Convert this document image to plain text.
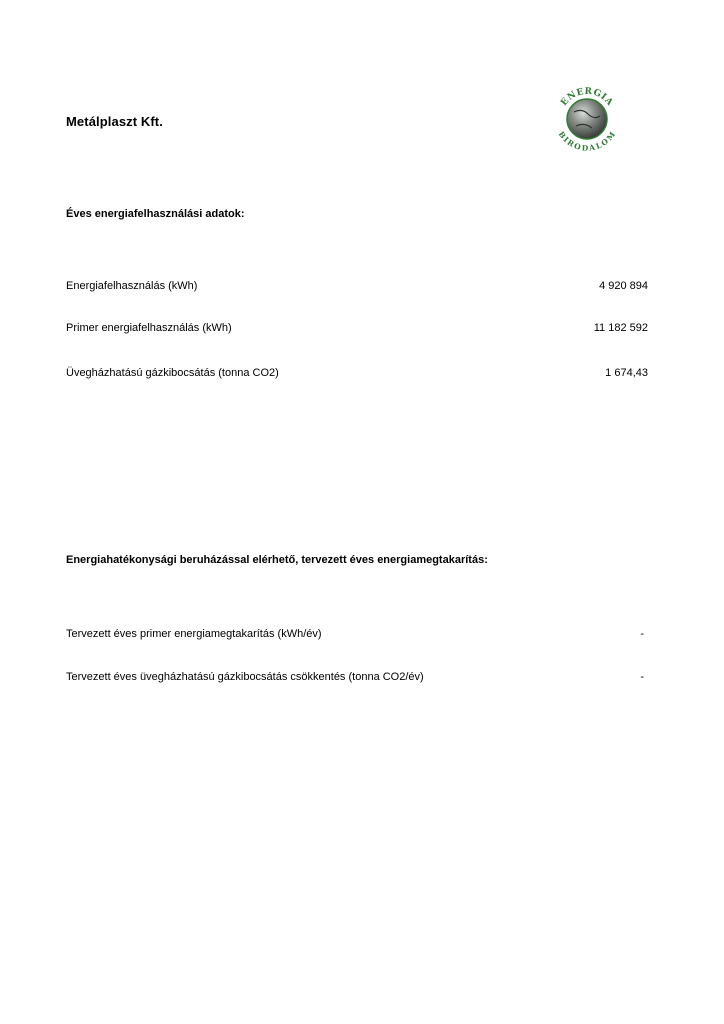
Metálplaszt Kft.
ENERGIA
BIRODALOM
Éves energiafelhasználási adatok:
Energiafelhasználás (kWh)	4 920 894
Primer energiafelhasználás (kWh)	11 182 592
Üvegházhatású gázkibocsátás (tonna CO2)	1 674,43
Energiahatékonysági beruházással elérhető, tervezett éves energiamegtakarítás:
Tervezett éves primer energiamegtakarítás (kWh/év)	-
Tervezett éves üvegházhatású gázkibocsátás csökkentés (tonna CO2/év)	-
